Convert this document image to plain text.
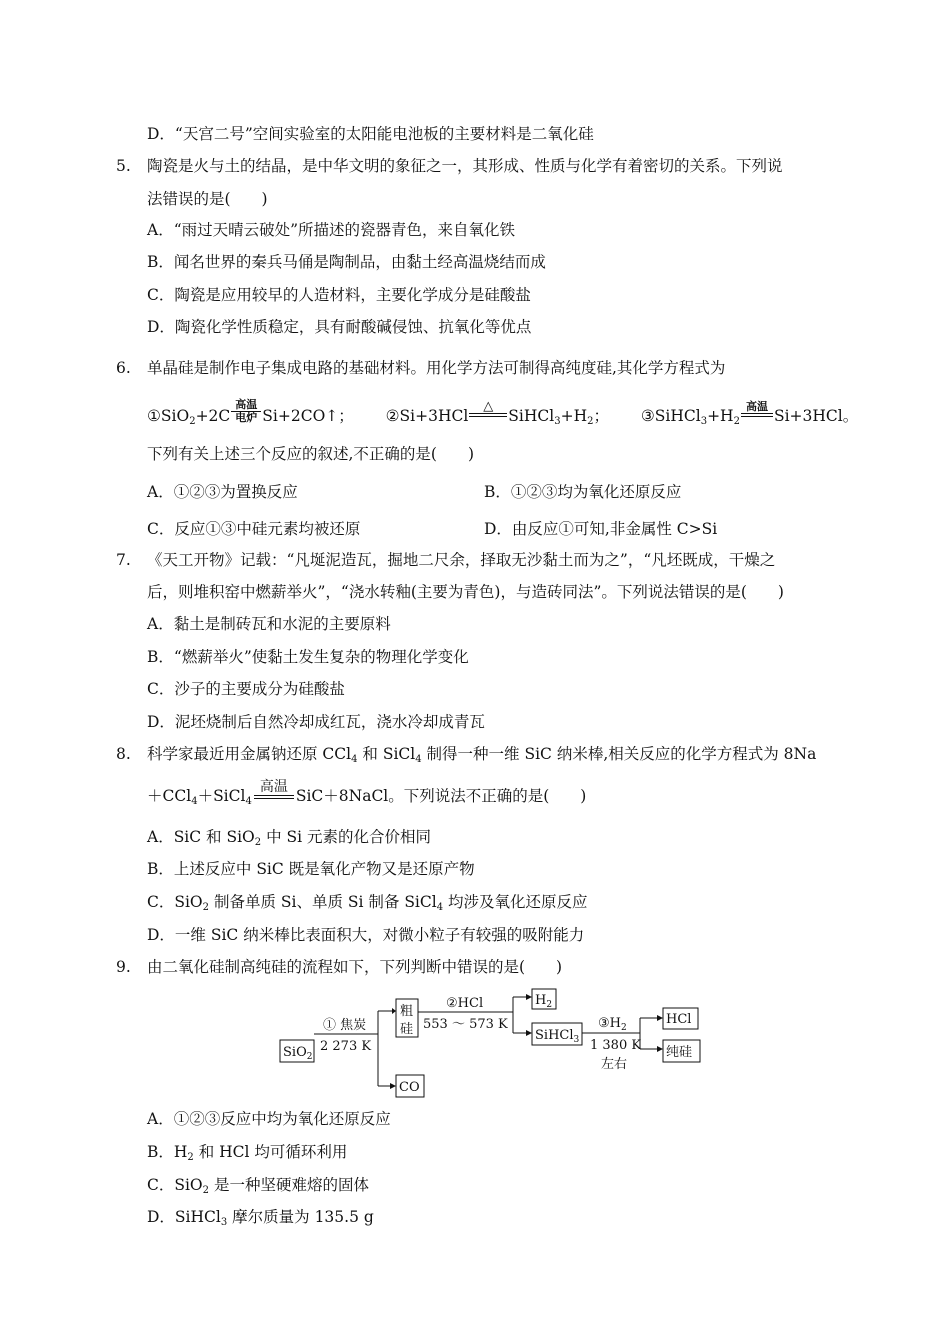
D．“天宫二号”空间实验室的太阳能电池板的主要材料是二氧化硅
5. 陶瓷是火与土的结晶，是中华文明的象征之一，其形成、性质与化学有着密切的关系。下列说
法错误的是(　　)
A．“雨过天晴云破处”所描述的瓷器青色，来自氧化铁
B．闻名世界的秦兵马俑是陶制品，由黏土经高温烧结而成
C．陶瓷是应用较早的人造材料，主要化学成分是硅酸盐
D．陶瓷化学性质稳定，具有耐酸碱侵蚀、抗氧化等优点
6. 单晶硅是制作电子集成电路的基础材料。用化学方法可制得高纯度硅,其化学方程式为
①SiO$_2$+2C
高温
电炉 Si+2CO↑； ②Si+3HCl
△
$SiHCl_3+H_2$； $③SiHCl_3+H_2$
高温
Si+3HCl。
下列有关上述三个反应的叙述,不正确的是(　　)
A．①②③为置换反应	B．①②③均为氧化还原反应
C．反应①③中硅元素均被还原	D．由反应①可知,非金属性 C>Si
7. 《天工开物》记载：“凡埏泥造瓦，掘地二尺余，择取无沙黏土而为之”，“凡坯既成，干燥之
后，则堆积窑中燃薪举火”，“浇水转釉(主要为青色)，与造砖同法”。下列说法错误的是(　　)
A．黏土是制砖瓦和水泥的主要原料
B．“燃薪举火”使黏土发生复杂的物理化学变化
C．沙子的主要成分为硅酸盐
D．泥坯烧制后自然冷却成红瓦，浇水冷却成青瓦
8. 科学家最近用金属钠还原 CCl$_4$ 和 SiCl$_4$ 制得一种一维 SiC 纳米棒,相关反应的化学方程式为 8Na
＋CCl$_4$＋SiCl$_4$
高温 SiC＋8NaCl。下列说法不正确的是(　　)
A．SiC 和 SiO$_2$ 中 Si 元素的化合价相同
B．上述反应中 SiC 既是氧化产物又是还原产物
C．SiO$_2$ 制备单质 Si、单质 Si 制备 SiCl$_4$ 均涉及氧化还原反应
D．一维 SiC 纳米棒比表面积大，对微小粒子有较强的吸附能力
9. 由二氧化硅制高纯硅的流程如下，下列判断中错误的是(　　)
SiO$_2$
① 焦炭
2 273 K
粗
硅
CO
②HCl
553 ～ 573 K
$H_2$
SiHCl$_3$
$③H_2$
1 380 K
左右
HCl
纯硅
A．①②③反应中均为氧化还原反应
B．$H_2$ 和 HCl 均可循环利用
C．SiO$_2$ 是一种坚硬难熔的固体
D．SiHCl$_3$ 摩尔质量为 135.5 g
